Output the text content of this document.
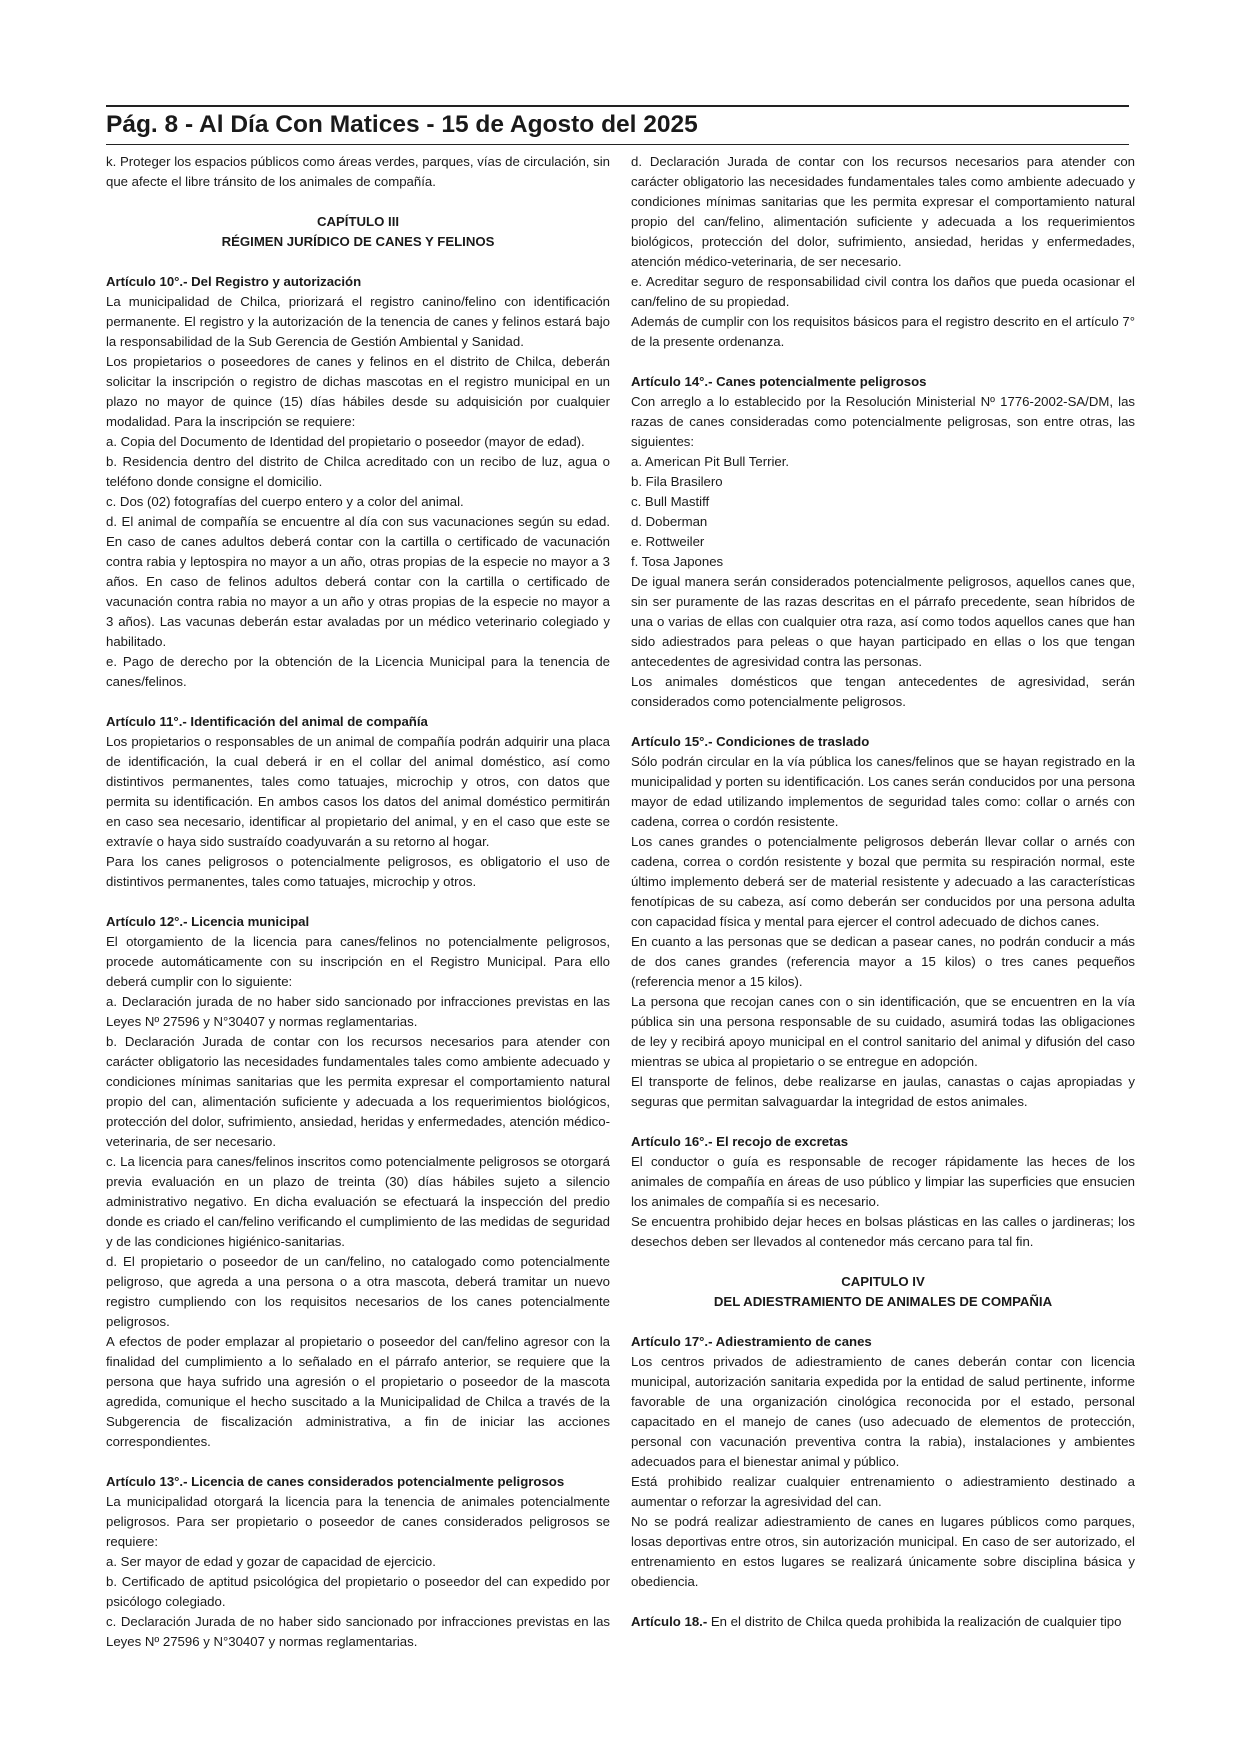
Pág. 8 - Al Día Con Matices - 15 de Agosto del 2025

k. Proteger los espacios públicos como áreas verdes, parques, vías de circulación, sin que afecte el libre tránsito de los animales de compañía.

CAPÍTULO III

RÉGIMEN JURÍDICO DE CANES Y FELINOS

Artículo 10°.- Del Registro y autorización

La municipalidad de Chilca, priorizará el registro canino/felino con identificación permanente. El registro y la autorización de la tenencia de canes y felinos estará bajo la responsabilidad de la Sub Gerencia de Gestión Ambiental y Sanidad.

Los propietarios o poseedores de canes y felinos en el distrito de Chilca, deberán solicitar la inscripción o registro de dichas mascotas en el registro municipal en un plazo no mayor de quince (15) días hábiles desde su adquisición por cualquier modalidad. Para la inscripción se requiere:

a. Copia del Documento de Identidad del propietario o poseedor (mayor de edad).

b. Residencia dentro del distrito de Chilca acreditado con un recibo de luz, agua o teléfono donde consigne el domicilio.

c. Dos (02) fotografías del cuerpo entero y a color del animal.

d. El animal de compañía se encuentre al día con sus vacunaciones según su edad. En caso de canes adultos deberá contar con la cartilla o certificado de vacunación contra rabia y leptospira no mayor a un año, otras propias de la especie no mayor a 3 años. En caso de felinos adultos deberá contar con la cartilla o certificado de vacunación contra rabia no mayor a un año y otras propias de la especie no mayor a 3 años). Las vacunas deberán estar avaladas por un médico veterinario colegiado y habilitado.

e. Pago de derecho por la obtención de la Licencia Municipal para la tenencia de canes/felinos.

Artículo 11°.- Identificación del animal de compañía

Los propietarios o responsables de un animal de compañía podrán adquirir una placa de identificación, la cual deberá ir en el collar del animal doméstico, así como distintivos permanentes, tales como tatuajes, microchip y otros, con datos que permita su identificación. En ambos casos los datos del animal doméstico permitirán en caso sea necesario, identificar al propietario del animal, y en el caso que este se extravíe o haya sido sustraído coadyuvarán a su retorno al hogar.

Para los canes peligrosos o potencialmente peligrosos, es obligatorio el uso de distintivos permanentes, tales como tatuajes, microchip y otros.

Artículo 12°.- Licencia municipal

El otorgamiento de la licencia para canes/felinos no potencialmente peligrosos, procede automáticamente con su inscripción en el Registro Municipal. Para ello deberá cumplir con lo siguiente:

a. Declaración jurada de no haber sido sancionado por infracciones previstas en las Leyes Nº 27596 y N°30407 y normas reglamentarias.

b. Declaración Jurada de contar con los recursos necesarios para atender con carácter obligatorio las necesidades fundamentales tales como ambiente adecuado y condiciones mínimas sanitarias que les permita expresar el comportamiento natural propio del can, alimentación suficiente y adecuada a los requerimientos biológicos, protección del dolor, sufrimiento, ansiedad, heridas y enfermedades, atención médico-veterinaria, de ser necesario.

c. La licencia para canes/felinos inscritos como potencialmente peligrosos se otorgará previa evaluación en un plazo de treinta (30) días hábiles sujeto a silencio administrativo negativo. En dicha evaluación se efectuará la inspección del predio donde es criado el can/felino verificando el cumplimiento de las medidas de seguridad y de las condiciones higiénico-sanitarias.

d. El propietario o poseedor de un can/felino, no catalogado como potencialmente peligroso, que agreda a una persona o a otra mascota, deberá tramitar un nuevo registro cumpliendo con los requisitos necesarios de los canes potencialmente peligrosos.

A efectos de poder emplazar al propietario o poseedor del can/felino agresor con la finalidad del cumplimiento a lo señalado en el párrafo anterior, se requiere que la persona que haya sufrido una agresión o el propietario o poseedor de la mascota agredida, comunique el hecho suscitado a la Municipalidad de Chilca a través de la Subgerencia de fiscalización administrativa, a fin de iniciar las acciones correspondientes.

Artículo 13°.- Licencia de canes considerados potencialmente peligrosos

La municipalidad otorgará la licencia para la tenencia de animales potencialmente peligrosos. Para ser propietario o poseedor de canes considerados peligrosos se requiere:

a. Ser mayor de edad y gozar de capacidad de ejercicio.

b. Certificado de aptitud psicológica del propietario o poseedor del can expedido por psicólogo colegiado.

c. Declaración Jurada de no haber sido sancionado por infracciones previstas en las Leyes Nº 27596 y N°30407 y normas reglamentarias.

d. Declaración Jurada de contar con los recursos necesarios para atender con carácter obligatorio las necesidades fundamentales tales como ambiente adecuado y condiciones mínimas sanitarias que les permita expresar el comportamiento natural propio del can/felino, alimentación suficiente y adecuada a los requerimientos biológicos, protección del dolor, sufrimiento, ansiedad, heridas y enfermedades, atención médico-veterinaria, de ser necesario.

e. Acreditar seguro de responsabilidad civil contra los daños que pueda ocasionar el can/felino de su propiedad.

Además de cumplir con los requisitos básicos para el registro descrito en el artículo 7° de la presente ordenanza.

Artículo 14°.- Canes potencialmente peligrosos

Con arreglo a lo establecido por la Resolución Ministerial Nº 1776-2002-SA/DM, las razas de canes consideradas como potencialmente peligrosas, son entre otras, las siguientes:

a. American Pit Bull Terrier.

b. Fila Brasilero

c. Bull Mastiff

d. Doberman

e. Rottweiler

f. Tosa Japones

De igual manera serán considerados potencialmente peligrosos, aquellos canes que, sin ser puramente de las razas descritas en el párrafo precedente, sean híbridos de una o varias de ellas con cualquier otra raza, así como todos aquellos canes que han sido adiestrados para peleas o que hayan participado en ellas o los que tengan antecedentes de agresividad contra las personas.

Los animales domésticos que tengan antecedentes de agresividad, serán considerados como potencialmente peligrosos.

Artículo 15°.- Condiciones de traslado

Sólo podrán circular en la vía pública los canes/felinos que se hayan registrado en la municipalidad y porten su identificación. Los canes serán conducidos por una persona mayor de edad utilizando implementos de seguridad tales como: collar o arnés con cadena, correa o cordón resistente.

Los canes grandes o potencialmente peligrosos deberán llevar collar o arnés con cadena, correa o cordón resistente y bozal que permita su respiración normal, este último implemento deberá ser de material resistente y adecuado a las características fenotípicas de su cabeza, así como deberán ser conducidos por una persona adulta con capacidad física y mental para ejercer el control adecuado de dichos canes.

En cuanto a las personas que se dedican a pasear canes, no podrán conducir a más de dos canes grandes (referencia mayor a 15 kilos) o tres canes pequeños (referencia menor a 15 kilos).

La persona que recojan canes con o sin identificación, que se encuentren en la vía pública sin una persona responsable de su cuidado, asumirá todas las obligaciones de ley y recibirá apoyo municipal en el control sanitario del animal y difusión del caso mientras se ubica al propietario o se entregue en adopción.

El transporte de felinos, debe realizarse en jaulas, canastas o cajas apropiadas y seguras que permitan salvaguardar la integridad de estos animales.

Artículo 16°.- El recojo de excretas

El conductor o guía es responsable de recoger rápidamente las heces de los animales de compañía en áreas de uso público y limpiar las superficies que ensucien los animales de compañía si es necesario.

Se encuentra prohibido dejar heces en bolsas plásticas en las calles o jardineras; los desechos deben ser llevados al contenedor más cercano para tal fin.

CAPITULO IV

DEL ADIESTRAMIENTO DE ANIMALES DE COMPAÑIA

Artículo 17°.- Adiestramiento de canes

Los centros privados de adiestramiento de canes deberán contar con licencia municipal, autorización sanitaria expedida por la entidad de salud pertinente, informe favorable de una organización cinológica reconocida por el estado, personal capacitado en el manejo de canes (uso adecuado de elementos de protección, personal con vacunación preventiva contra la rabia), instalaciones y ambientes adecuados para el bienestar animal y público.

Está prohibido realizar cualquier entrenamiento o adiestramiento destinado a aumentar o reforzar la agresividad del can.

No se podrá realizar adiestramiento de canes en lugares públicos como parques, losas deportivas entre otros, sin autorización municipal. En caso de ser autorizado, el entrenamiento en estos lugares se realizará únicamente sobre disciplina básica y obediencia.

Artículo 18.- En el distrito de Chilca queda prohibida la realización de cualquier tipo
